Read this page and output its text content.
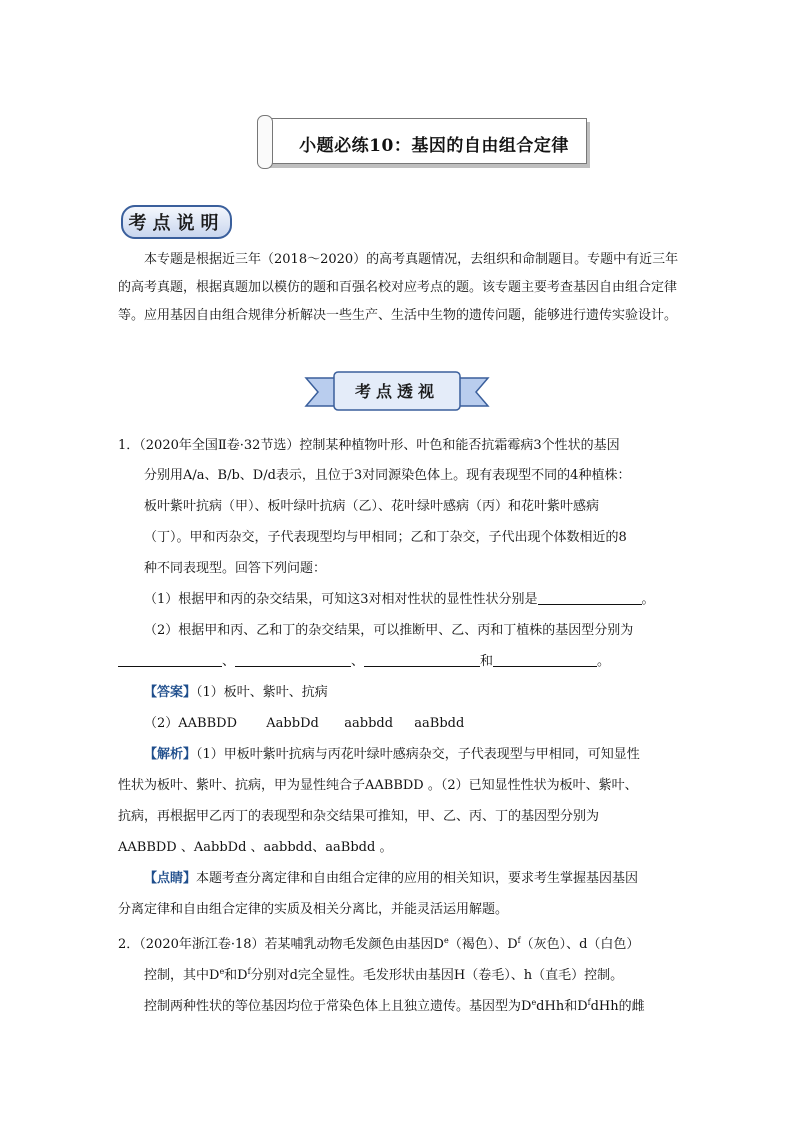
小题必练10：基因的自由组合定律
考点说明
本专题是根据近三年（2018～2020）的高考真题情况，去组织和命制题目。专题中有近三年的高考真题，根据真题加以模仿的题和百强名校对应考点的题。该专题主要考查基因自由组合定律等。应用基因自由组合规律分析解决一些生产、生活中生物的遗传问题，能够进行遗传实验设计。
考点透视
1．（2020年全国Ⅱ卷·32节选）控制某种植物叶形、叶色和能否抗霜霉病3个性状的基因
分别用A/a、B/b、D/d表示，且位于3对同源染色体上。现有表现型不同的4种植株：
板叶紫叶抗病（甲）、板叶绿叶抗病（乙）、花叶绿叶感病（丙）和花叶紫叶感病
（丁）。甲和丙杂交，子代表现型均与甲相同；乙和丁杂交，子代出现个体数相近的8
种不同表现型。回答下列问题：
（1）根据甲和丙的杂交结果，可知这3对相对性状的显性性状分别是	。
（2）根据甲和丙、乙和丁的杂交结果，可以推断甲、乙、丙和丁植株的基因型分别为
、	、	和	。
【答案】（1）板叶、紫叶、抗病
（2）AABBDD AabbDd aabbdd aaBbdd
【解析】（1）甲板叶紫叶抗病与丙花叶绿叶感病杂交，子代表现型与甲相同，可知显性
性状为板叶、紫叶、抗病，甲为显性纯合子AABBDD 。（2）已知显性性状为板叶、紫叶、
抗病，再根据甲乙丙丁的表现型和杂交结果可推知，甲、乙、丙、丁的基因型分别为
AABBDD 、AabbDd 、aabbdd、aaBbdd 。
【点睛】本题考查分离定律和自由组合定律的应用的相关知识，要求考生掌握基因基因
分离定律和自由组合定律的实质及相关分离比，并能灵活运用解题。
2．（2020年浙江卷·18）若某哺乳动物毛发颜色由基因De（褐色）、$D^f$（灰色）、d（白色）
控制，其中De和$D^f$分别对d完全显性。毛发形状由基因H（卷毛）、h（直毛）控制。
控制两种性状的等位基因均位于常染色体上且独立遗传。基因型为DedHh和$D^fdHh$的雌
